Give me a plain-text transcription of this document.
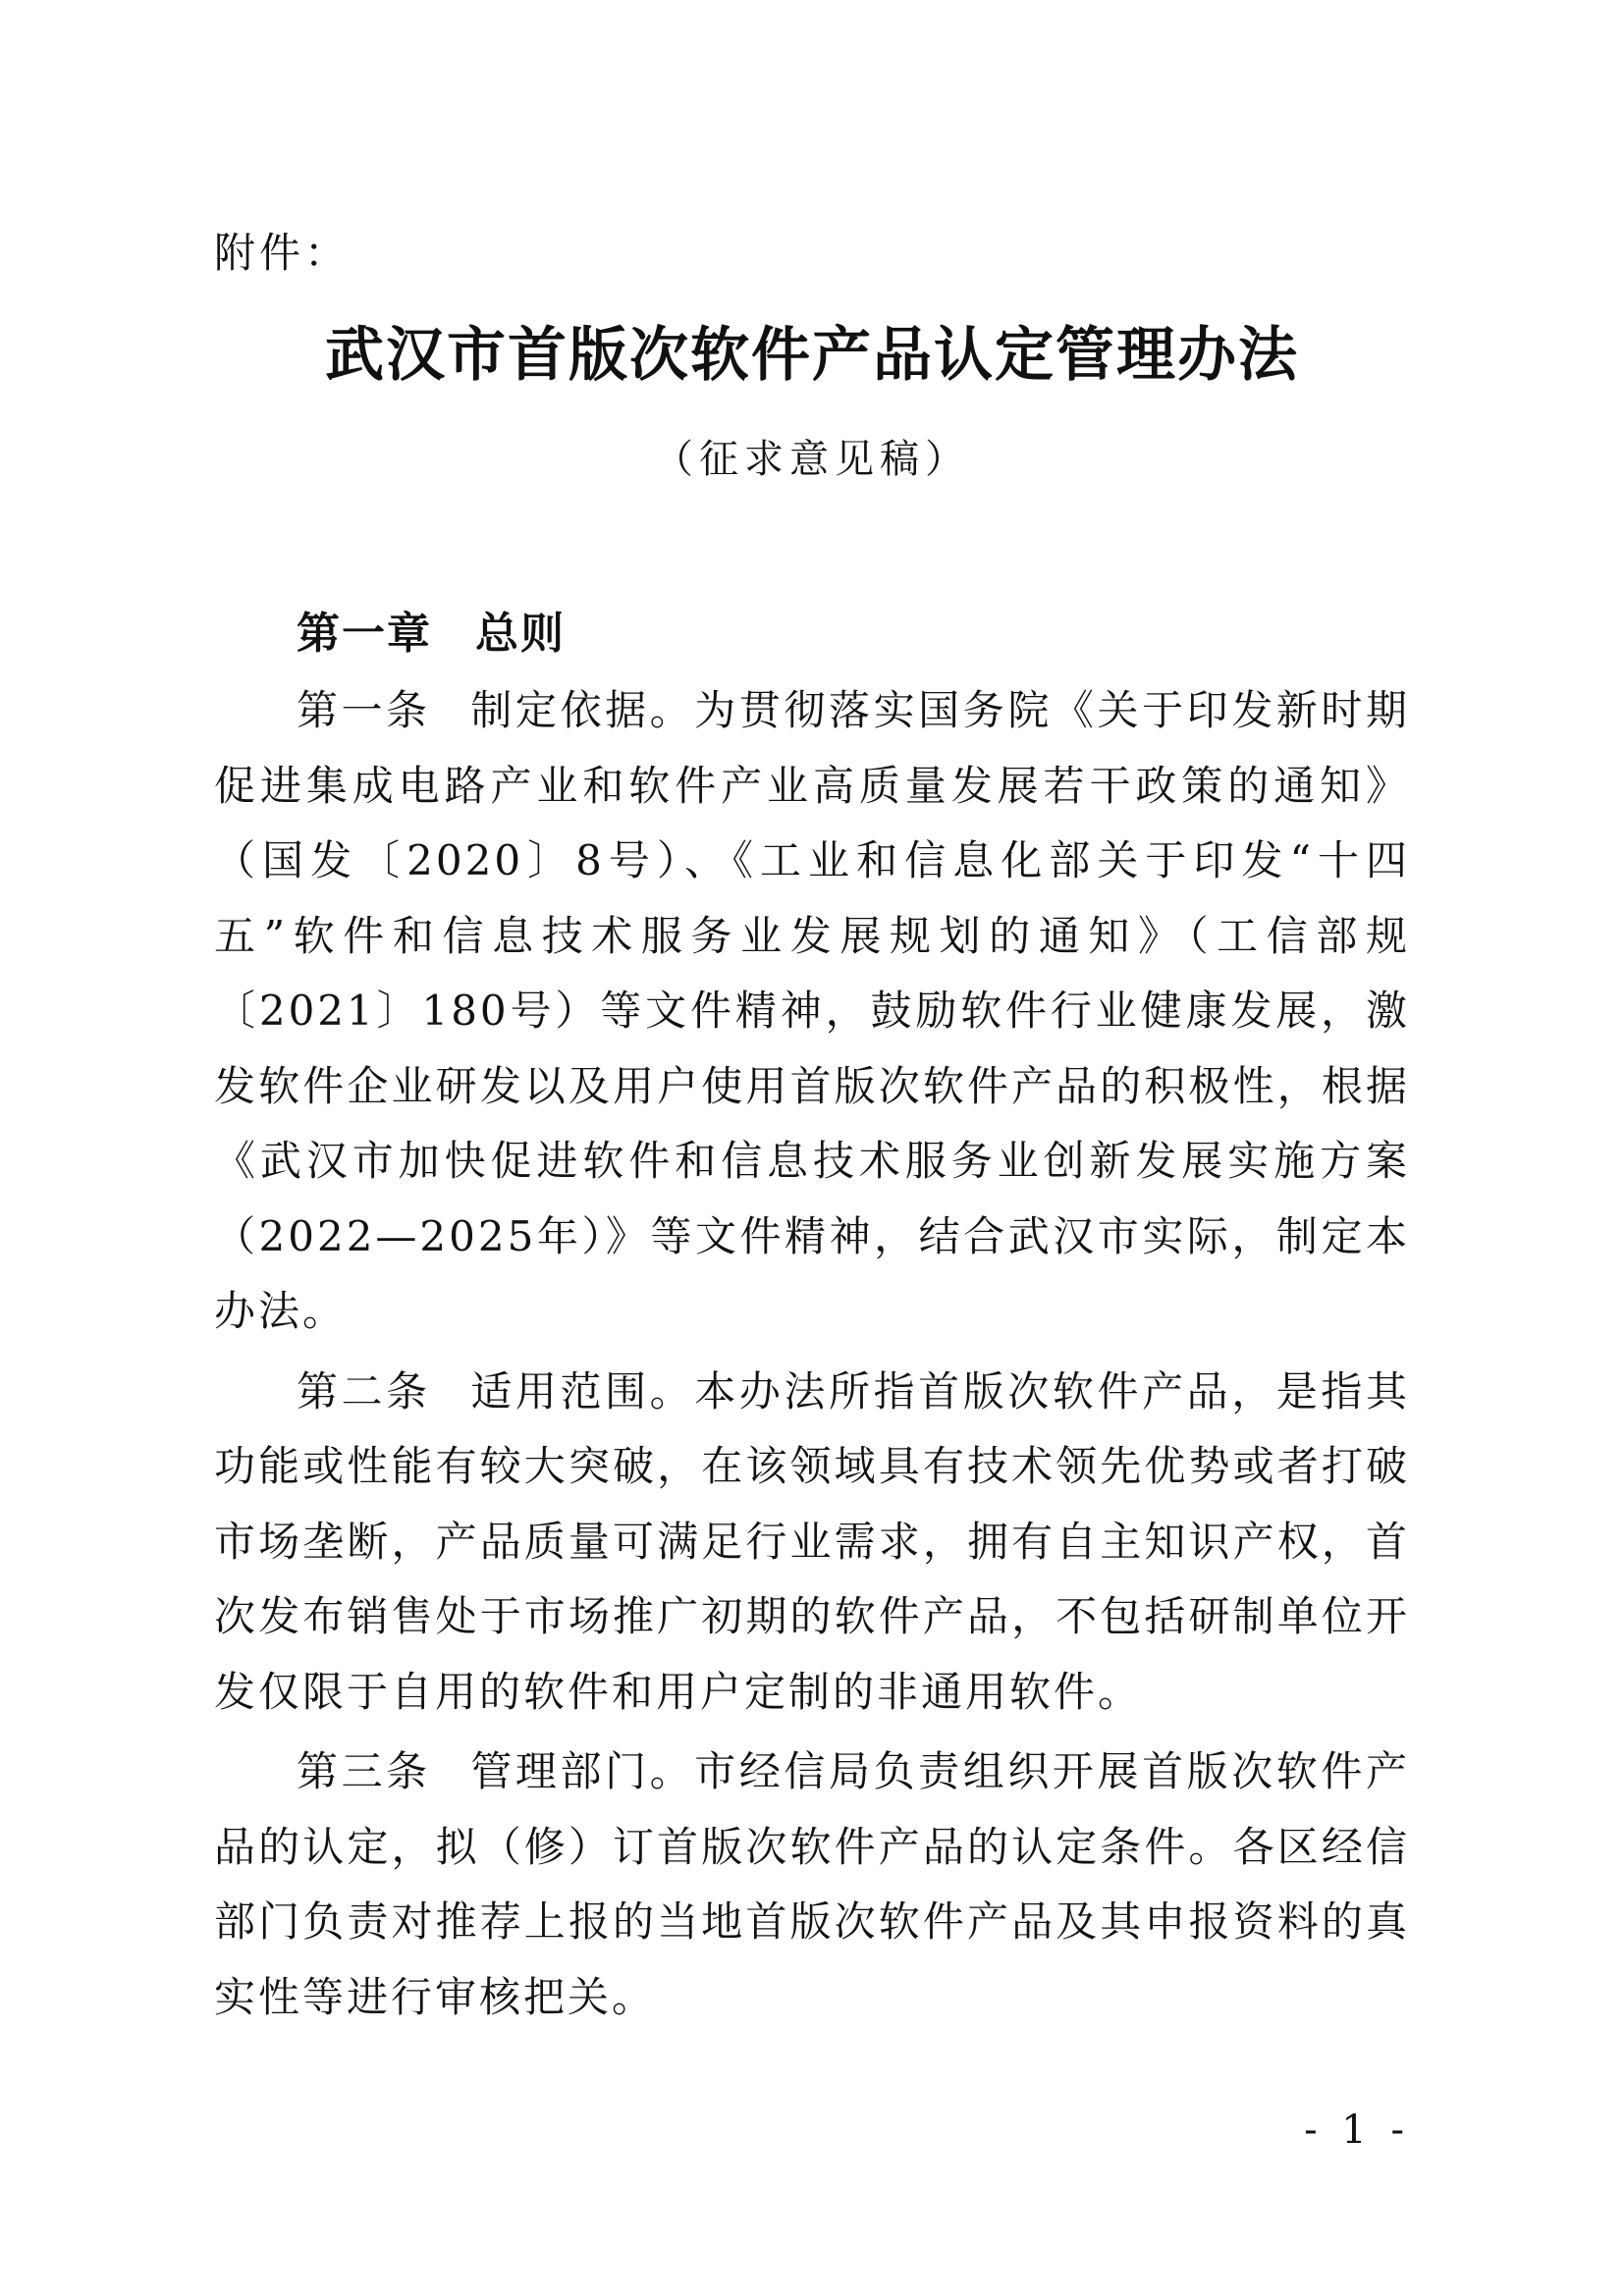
附件：
武汉市首版次软件产品认定管理办法
（征求意见稿）
第一章 总则

第一条 制定依据。为贯彻落实国务院《关于印发新时期促进集成电路产业和软件产业高质量发展若干政策的通知》（国发〔2020〕8号）、《工业和信息化部关于印发“十四五”软件和信息技术服务业发展规划的通知》（工信部规〔2021〕180号）等文件精神，鼓励软件行业健康发展，激发软件企业研发以及用户使用首版次软件产品的积极性，根据《武汉市加快促进软件和信息技术服务业创新发展实施方案（2022—2025年）》等文件精神，结合武汉市实际，制定本办法。

第二条 适用范围。本办法所指首版次软件产品，是指其功能或性能有较大突破，在该领域具有技术领先优势或者打破市场垄断，产品质量可满足行业需求，拥有自主知识产权，首次发布销售处于市场推广初期的软件产品，不包括研制单位开发仅限于自用的软件和用户定制的非通用软件。

第三条 管理部门。市经信局负责组织开展首版次软件产品的认定，拟（修）订首版次软件产品的认定条件。各区经信部门负责对推荐上报的当地首版次软件产品及其申报资料的真实性等进行审核把关。

- 1 -
